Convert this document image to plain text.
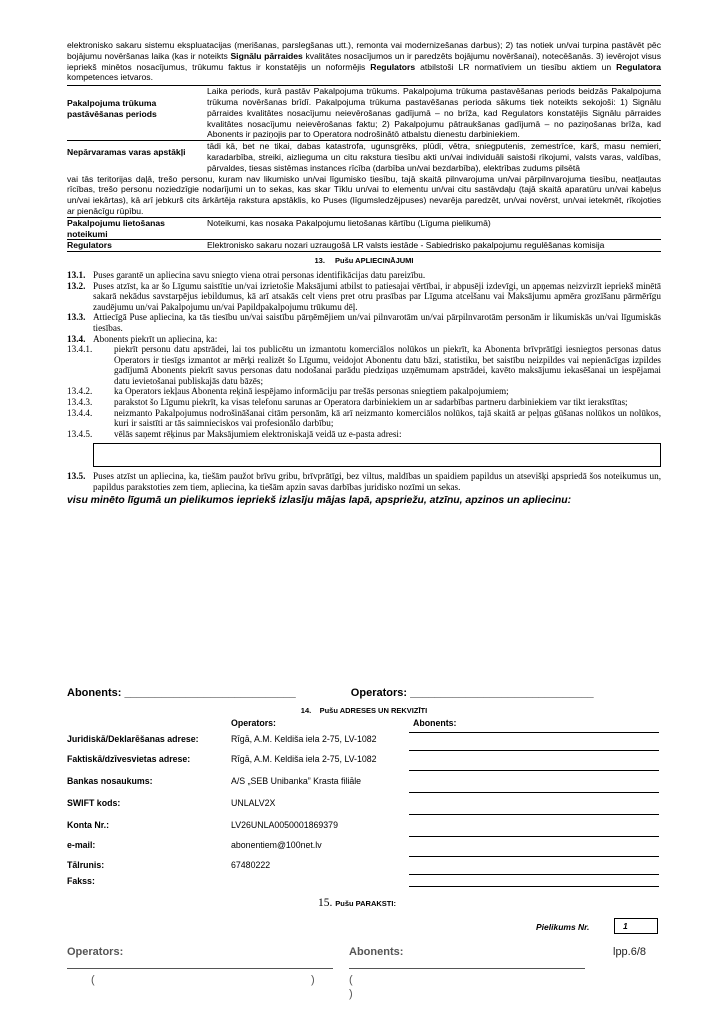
elektronisko sakaru sistemu ekspluatacijas (merišanas, parslegšanas utt.), remonta vai modernizešanas darbus); 2) tas notiek un/vai turpina pastāvēt pēc bojājumu novēršanas laika (kas ir noteikts Signālu pārraides kvalitātes nosacījumos un ir paredzēts bojājumu novēršanai), notecēšanās. 3) ievērojot visus iepriekš minētos nosacījumus, trūkumu faktus ir konstatējis un noformējis Regulators atbilstoši LR normatīviem un tiesību aktiem un Regulatora kompetences ietvaros.

Pakalpojuma trūkuma pastāvēšanas periods	Laika periods, kurā pastāv Pakalpojuma trūkums. Pakalpojuma trūkuma pastavēšanas periods beidzās Pakalpojuma trūkuma novēršanas brīdī. Pakalpojuma trūkuma pastavēšanas perioda sākums tiek noteikts sekojoši: 1) Signālu pārraides kvalitātes nosacījumu neievērošanas gadījumā – no brīža, kad Regulators konstatējis Signālu pārraides kvalitātes nosacījumu neievērošanas faktu; 2) Pakalpojumu pātraukšanas gadījumā – no paziņošanas brīža, kad Abonents ir paziņojis par to Operatora nodrošinātō atbalstu dienestu darbiniekiem.
Nepārvaramas varas apstākļi	tādi kā, bet ne tikai, dabas katastrofa, ugunsgrēks, plūdi, vētra, sniegputenis, zemestrīce, karš, masu nemieri, karadarbība, streiki, aizlieguma un citu rakstura tiesību akti un/vai individuāli saistoši rīkojumi, valsts varas, valdības, pārvaldes, tiesas sistēmas instances rīcība (darbība un/vai bezdarbība), elektrības zudums pilsētā
vai tās teritorijas daļā, trešo personu, kuram nav likumisko un/vai līgumisko tiesību, tajā skaitā pilnvarojuma un/vai pārpilnvarojuma tiesību, neatļautas rīcības, trešo personu noziedzīgie nodarījumi un to sekas, kas skar Tīklu un/vai to elementu un/vai citu sastāvdaļu (tajā skaitā aparatūru un/vai kabeļus un/vai iekārtas), kā arī jebkurš cits ārkārtēja rakstura apstāklis, ko Puses (līgumsledzējpuses) nevarēja paredzēt, un/vai novērst, un/vai ietekmēt, rīkojoties ar pienācīgu rūpību.	
Pakalpojumu lietošanas noteikumi	Noteikumi, kas nosaka Pakalpojumu lietošanas kārtību (Līguma pielikumā)
Regulators	Elektronisko sakaru nozari uzraugošā LR valsts iestāde - Sabiedrisko pakalpojumu regulēšanas komisija
13. Pušu APLIECINĀJUMI
13.1. Puses garantē un apliecina savu sniegto viena otrai personas identifikācijas datu pareizību.
13.2. Puses atzīst, ka ar šo Līgumu saistītie un/vai izrietošie Maksājumi atbilst to patiesajai vērtībai, ir abpusēji izdevīgi, un apņemas neizvirzīt iepriekš minētā sakarā nekādus savstarpējus iebildumus, kā arī atsakās celt viens pret otru prasības par Līguma atcelšanu vai Maksājumu apmēra grozīšanu pārmērīgu zaudējumu un/vai Pakalpojumu un/vai Papildpakalpojumu trūkumu dēļ.
13.3. Attiecīgā Puse apliecina, ka tās tiesību un/vai saistību pārņēmējiem un/vai pilnvarotām un/vai pārpilnvarotām personām ir likumiskās un/vai līgumiskās tiesības.
13.4. Abonents piekrīt un apliecina, ka:
13.4.1.	piekrīt personu datu apstrādei, lai tos publicētu un izmantotu komerciālos nolūkos un piekrīt, ka Abonenta brīvprātīgi iesniegtos personas datus Operators ir tiesīgs izmantot ar mērķi realizēt šo Līgumu, veidojot Abonentu datu bāzi, statistiku, bet saistību neizpildes vai nepienācīgas izpildes gadījumā Abonents piekrīt savus personas datu nodošanai parādu piedziņas uzņēmumam apstrādei, kavēto maksājumu iekasēšanai un iespējamai datu ievietošanai publiskajās datu bāzēs;
13.4.2.	ka Operators iekļaus Abonenta reķinā iespējamo informāciju par trešās personas sniegtiem pakalpojumiem;
13.4.3.	parakstot šo Līgumu piekrīt, ka visas telefonu sarunas ar Operatora darbiniekiem un ar sadarbības partneru darbiniekiem var tikt ierakstītas;
13.4.4.	neizmanto Pakalpojumus nodrošināšanai citām personām, kā arī neizmanto komerciālos nolūkos, tajā skaitā ar peļņas gūšanas nolūkos un nolūkos, kuri ir saistīti ar tās saimnieciskos vai profesionālo darbību;
13.4.5.	vēlās saņemt rēķinus par Maksājumiem elektroniskajā veidā uz e-pasta adresi:
13.5. Puses atzīst un apliecina, ka, tiešām paužot brīvu gribu, brīvprātīgi, bez viltus, maldības un spaidiem papildus un atsevišķi apspriedā šos noteikumus un, papildus parakstoties zem tiem, apliecina, ka tiešām apzin savas darbības juridisko nozīmi un sekas.
visu minēto līgumā un pielikumos iepriekš izlasīju mājas lapā, apspriežu, atzīnu, apzinos un apliecinu:
Abonents: ____________________________	Operators: ______________________________
14. Pušu ADRESES UN REKVIZĪTI
Operators:	Abonents:
Juridiskā/Deklarēšanas adrese:	Rīgā, A.M. Keldiša iela 2-75, LV-1082
Faktiskā/dzīvesvietas adrese:	Rīgā, A.M. Keldiša iela 2-75, LV-1082
Bankas nosaukums:	A/S „SEB Unibanka” Krasta filiāle
SWIFT kods:	UNLALV2X
Konta Nr.:	LV26UNLA0050001869379
e-mail:	abonentiem@100net.lv
Tālrunis:	67480222
Fakss:
15. Pušu PARAKSTI:
Pielikums Nr.	1
Operators:	Abonents:	lpp.6/8
(	)	(
)
